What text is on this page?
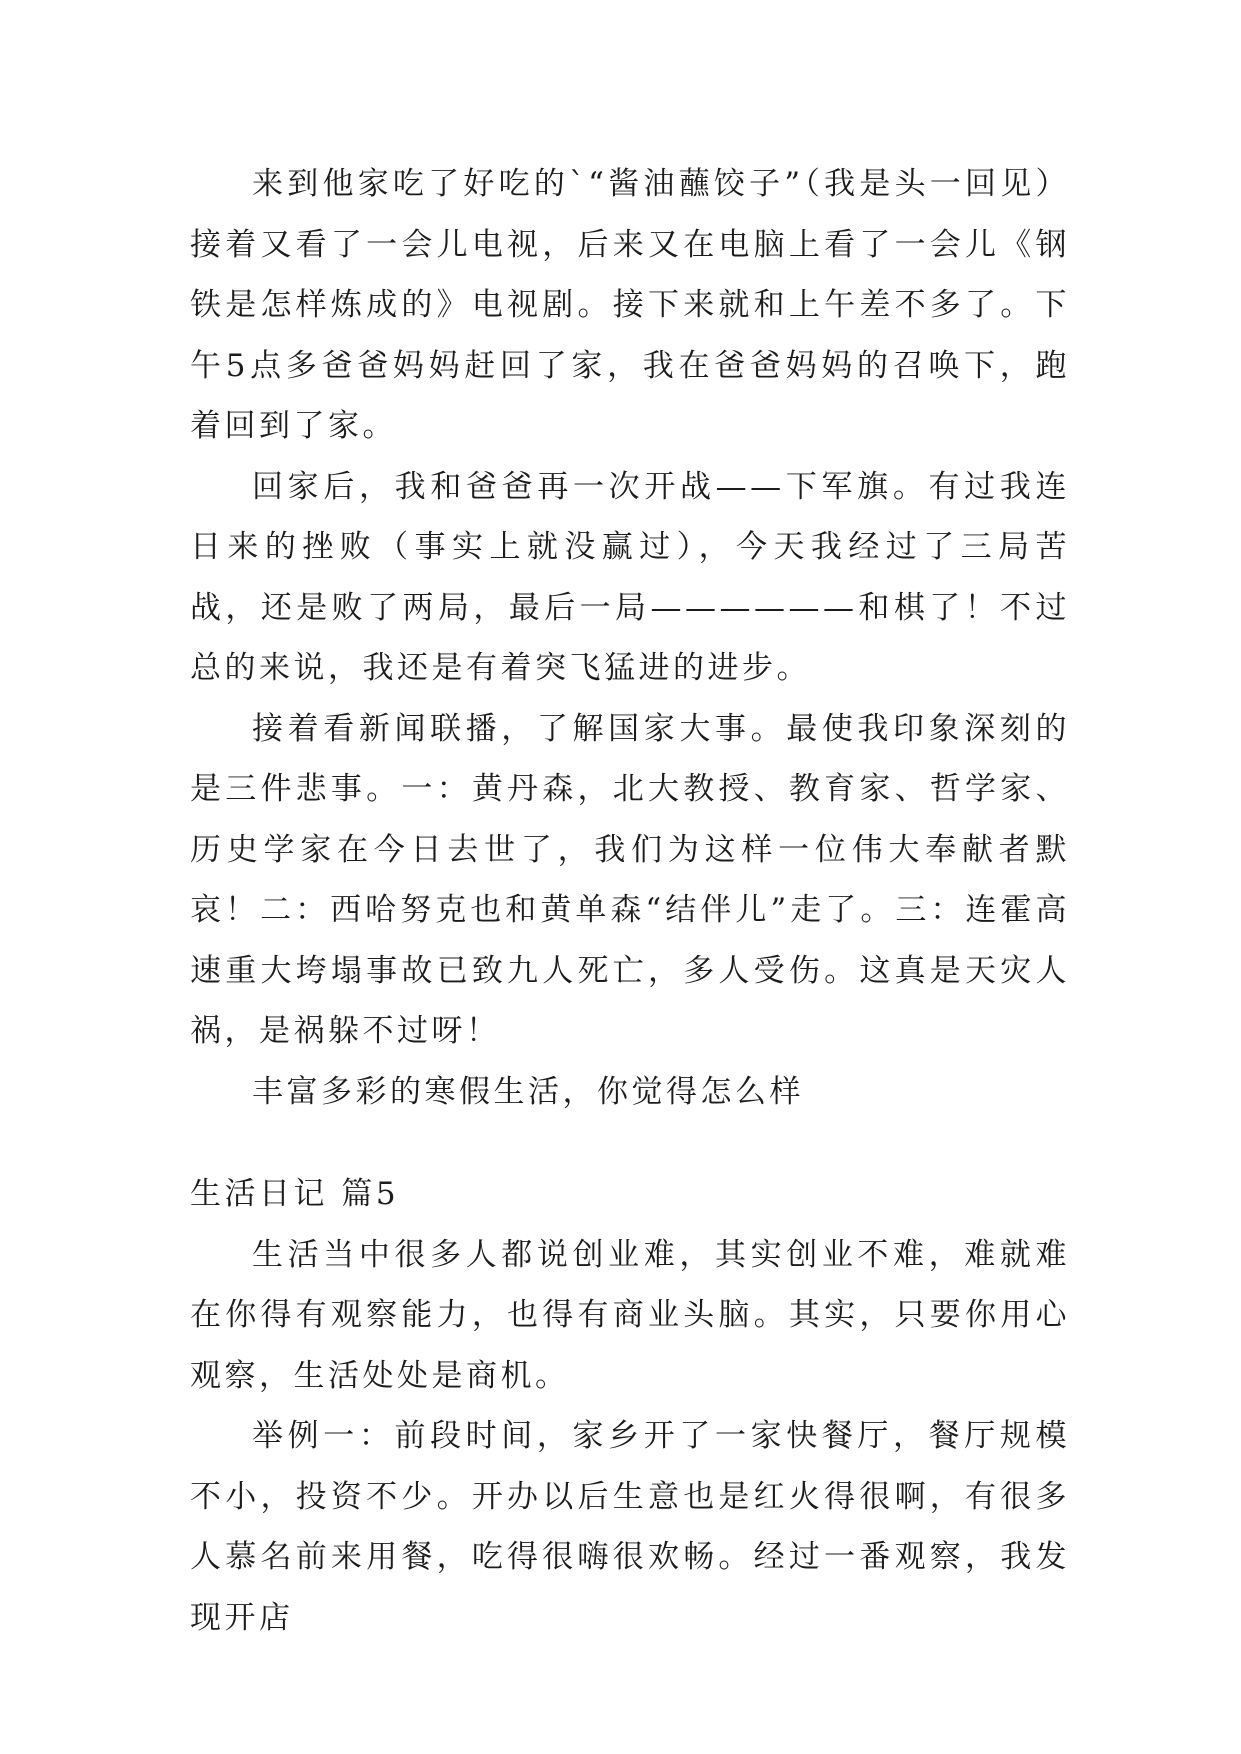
来到他家吃了好吃的`“酱油蘸饺子”（我是头一回见）接着又看了一会儿电视，后来又在电脑上看了一会儿《钢铁是怎样炼成的》电视剧。接下来就和上午差不多了。下午5点多爸爸妈妈赶回了家，我在爸爸妈妈的召唤下，跑着回到了家。

回家后，我和爸爸再一次开战——下军旗。有过我连日来的挫败（事实上就没赢过），今天我经过了三局苦战，还是败了两局，最后一局——————和棋了！不过总的来说，我还是有着突飞猛进的进步。

接着看新闻联播，了解国家大事。最使我印象深刻的是三件悲事。一：黄丹森，北大教授、教育家、哲学家、历史学家在今日去世了，我们为这样一位伟大奉献者默哀！二：西哈努克也和黄单森“结伴儿”走了。三：连霍高速重大垮塌事故已致九人死亡，多人受伤。这真是天灾人祸，是祸躲不过呀！

丰富多彩的寒假生活，你觉得怎么样

生活日记 篇5

生活当中很多人都说创业难，其实创业不难，难就难在你得有观察能力，也得有商业头脑。其实，只要你用心观察，生活处处是商机。

举例一：前段时间，家乡开了一家快餐厅，餐厅规模不小，投资不少。开办以后生意也是红火得很啊，有很多人慕名前来用餐，吃得很嗨很欢畅。经过一番观察，我发现开店
